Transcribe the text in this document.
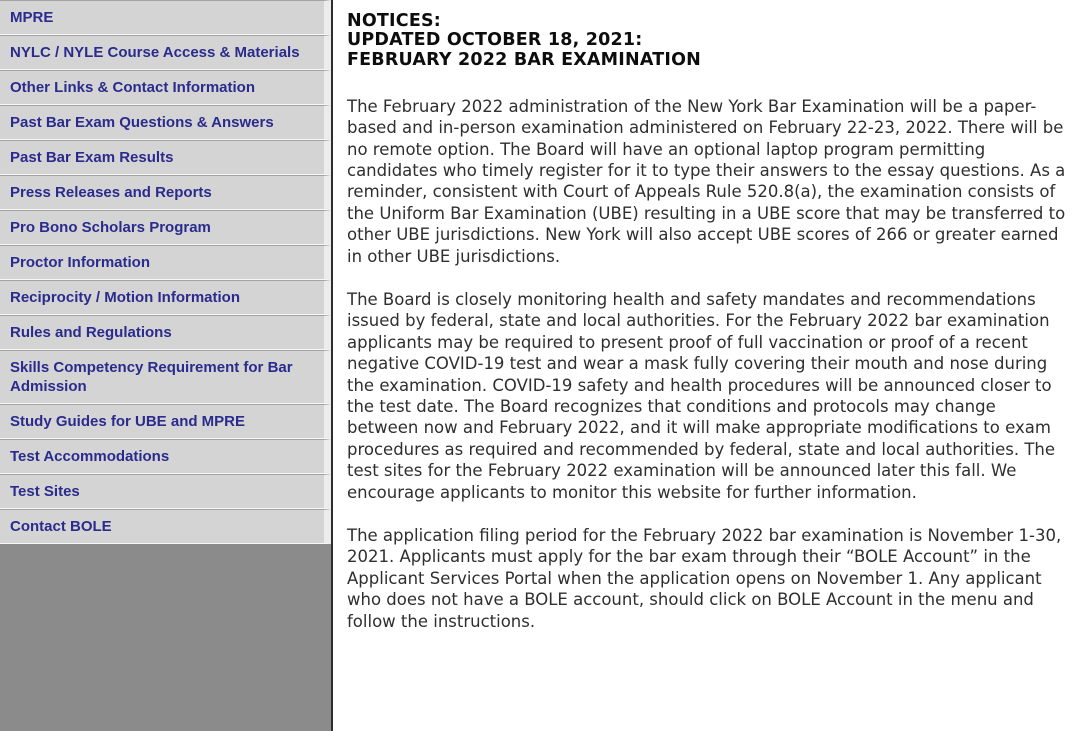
MPRE
NYLC / NYLE Course Access & Materials
Other Links & Contact Information
Past Bar Exam Questions & Answers
Past Bar Exam Results
Press Releases and Reports
Pro Bono Scholars Program
Proctor Information
Reciprocity / Motion Information
Rules and Regulations
Skills Competency Requirement for Bar Admission
Study Guides for UBE and MPRE
Test Accommodations
Test Sites
Contact BOLE
NOTICES:
UPDATED OCTOBER 18, 2021:
FEBRUARY 2022 BAR EXAMINATION

The February 2022 administration of the New York Bar Examination will be a paper-based and in-person examination administered on February 22-23, 2022. There will be no remote option. The Board will have an optional laptop program permitting candidates who timely register for it to type their answers to the essay questions. As a reminder, consistent with Court of Appeals Rule 520.8(a), the examination consists of the Uniform Bar Examination (UBE) resulting in a UBE score that may be transferred to other UBE jurisdictions. New York will also accept UBE scores of 266 or greater earned in other UBE jurisdictions.

The Board is closely monitoring health and safety mandates and recommendations issued by federal, state and local authorities. For the February 2022 bar examination applicants may be required to present proof of full vaccination or proof of a recent negative COVID-19 test and wear a mask fully covering their mouth and nose during the examination. COVID-19 safety and health procedures will be announced closer to the test date. The Board recognizes that conditions and protocols may change between now and February 2022, and it will make appropriate modifications to exam procedures as required and recommended by federal, state and local authorities. The test sites for the February 2022 examination will be announced later this fall. We encourage applicants to monitor this website for further information.

The application filing period for the February 2022 bar examination is November 1-30, 2021. Applicants must apply for the bar exam through their “BOLE Account” in the Applicant Services Portal when the application opens on November 1. Any applicant who does not have a BOLE account, should click on BOLE Account in the menu and follow the instructions.
